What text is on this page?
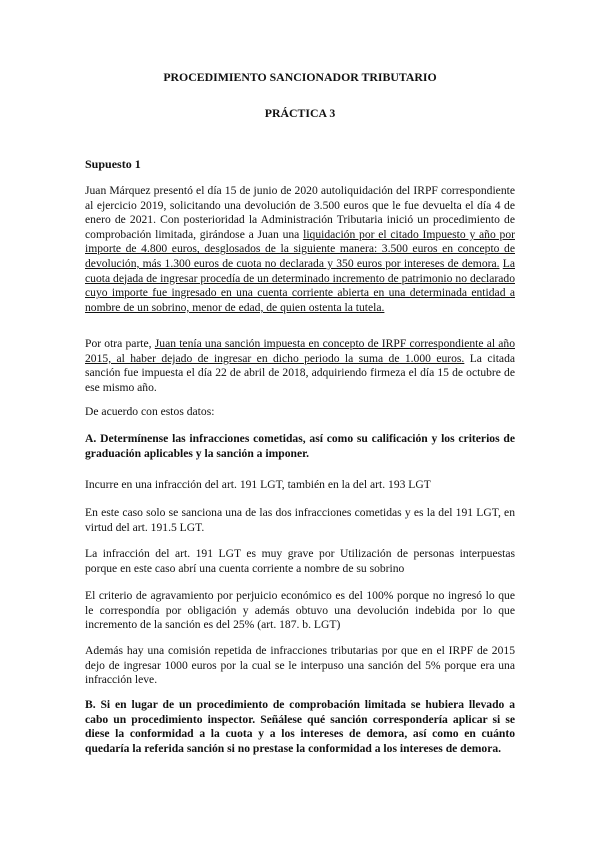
PROCEDIMIENTO SANCIONADOR TRIBUTARIO
PRÁCTICA 3
Supuesto 1

Juan Márquez presentó el día 15 de junio de 2020 autoliquidación del IRPF correspondiente al ejercicio 2019, solicitando una devolución de 3.500 euros que le fue devuelta el día 4 de enero de 2021. Con posterioridad la Administración Tributaria inició un procedimiento de comprobación limitada, girándose a Juan una liquidación por el citado Impuesto y año por importe de 4.800 euros, desglosados de la siguiente manera: 3.500 euros en concepto de devolución, más 1.300 euros de cuota no declarada y 350 euros por intereses de demora. La cuota dejada de ingresar procedía de un determinado incremento de patrimonio no declarado cuyo importe fue ingresado en una cuenta corriente abierta en una determinada entidad a nombre de un sobrino, menor de edad, de quien ostenta la tutela.

Por otra parte, Juan tenía una sanción impuesta en concepto de IRPF correspondiente al año 2015, al haber dejado de ingresar en dicho periodo la suma de 1.000 euros. La citada sanción fue impuesta el día 22 de abril de 2018, adquiriendo firmeza el día 15 de octubre de ese mismo año.

De acuerdo con estos datos:

A. Determínense las infracciones cometidas, así como su calificación y los criterios de graduación aplicables y la sanción a imponer.

Incurre en una infracción del art. 191 LGT, también en la del art. 193 LGT

En este caso solo se sanciona una de las dos infracciones cometidas y es la del 191 LGT, en virtud del art. 191.5 LGT.

La infracción del art. 191 LGT es muy grave por Utilización de personas interpuestas porque en este caso abrí una cuenta corriente a nombre de su sobrino

El criterio de agravamiento por perjuicio económico es del 100% porque no ingresó lo que le correspondía por obligación y además obtuvo una devolución indebida por lo que incremento de la sanción es del 25% (art. 187. b. LGT)

Además hay una comisión repetida de infracciones tributarias por que en el IRPF de 2015 dejo de ingresar 1000 euros por la cual se le interpuso una sanción del 5% porque era una infracción leve.

B. Si en lugar de un procedimiento de comprobación limitada se hubiera llevado a cabo un procedimiento inspector. Señálese qué sanción correspondería aplicar si se diese la conformidad a la cuota y a los intereses de demora, así como en cuánto quedaría la referida sanción si no prestase la conformidad a los intereses de demora.
